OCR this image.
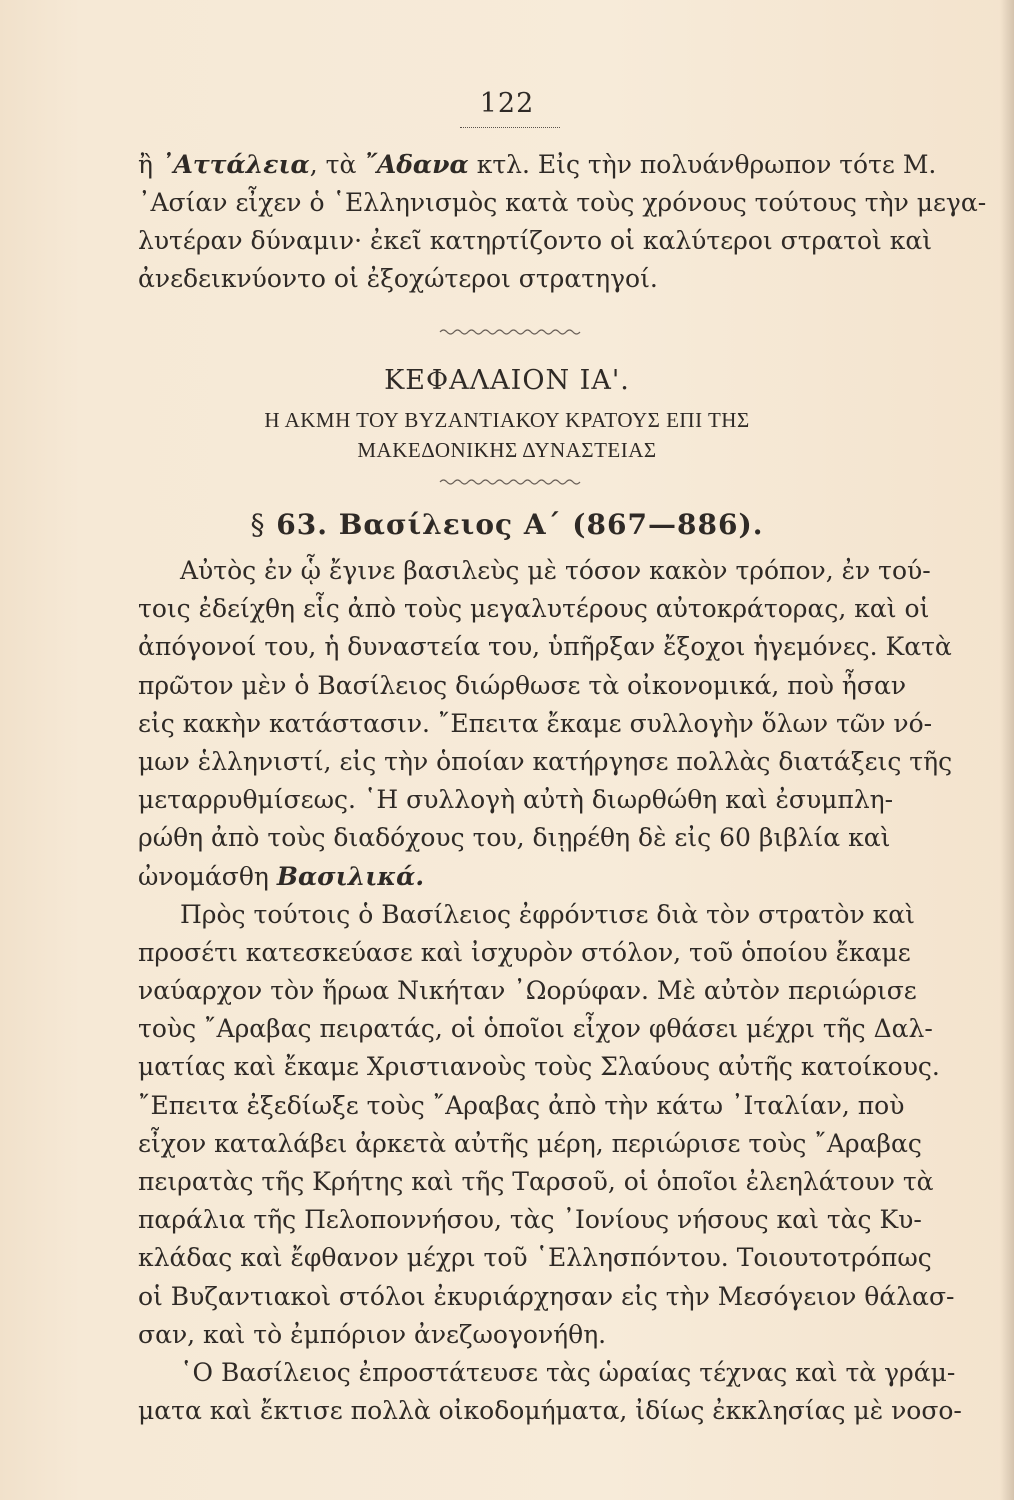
122
ἢ ᾽Αττάλεια, τὰ ῎Αδανα κτλ. Εἰς τὴν πολυάνθρωπον τότε Μ.
᾽Ασίαν εἶχεν ὁ ῾Ελληνισμὸς κατὰ τοὺς χρόνους τούτους τὴν μεγα-
λυτέραν δύναμιν· ἐκεῖ κατηρτίζοντο οἱ καλύτεροι στρατοὶ καὶ
ἀνεδεικνύοντο οἱ ἐξοχώτεροι στρατηγοί.
ΚΕΦΑΛΑΙΟΝ ΙΑ'.
Η ΑΚΜΗ ΤΟΥ ΒΥΖΑΝΤΙΑΚΟΥ ΚΡΑΤΟΥΣ ΕΠΙ ΤΗΣ
ΜΑΚΕΔΟΝΙΚΗΣ ΔΥΝΑΣΤΕΙΑΣ
§ 63. Βασίλειος Α΄ (867—886).
Αὐτὸς ἐν ᾧ ἔγινε βασιλεὺς μὲ τόσον κακὸν τρόπον, ἐν τού-
τοις ἐδείχθη εἷς ἀπὸ τοὺς μεγαλυτέρους αὐτοκράτορας, καὶ οἱ
ἀπόγονοί του, ἡ δυναστεία του, ὑπῆρξαν ἔξοχοι ἡγεμόνες. Κατὰ
πρῶτον μὲν ὁ Βασίλειος διώρθωσε τὰ οἰκονομικά, ποὺ ἦσαν
εἰς κακὴν κατάστασιν. ῎Επειτα ἔκαμε συλλογὴν ὅλων τῶν νό-
μων ἑλληνιστί, εἰς τὴν ὁποίαν κατήργησε πολλὰς διατάξεις τῆς
μεταρρυθμίσεως. ῾Η συλλογὴ αὐτὴ διωρθώθη καὶ ἐσυμπλη-
ρώθη ἀπὸ τοὺς διαδόχους του, διῃρέθη δὲ εἰς 60 βιβλία καὶ
ὠνομάσθη Βασιλικά.
Πρὸς τούτοις ὁ Βασίλειος ἐφρόντισε διὰ τὸν στρατὸν καὶ
προσέτι κατεσκεύασε καὶ ἰσχυρὸν στόλον, τοῦ ὁποίου ἔκαμε
ναύαρχον τὸν ἥρωα Νικήταν ᾽Ωορύφαν. Μὲ αὐτὸν περιώρισε
τοὺς ῎Αραβας πειρατάς, οἱ ὁποῖοι εἶχον φθάσει μέχρι τῆς Δαλ-
ματίας καὶ ἔκαμε Χριστιανοὺς τοὺς Σλαύους αὐτῆς κατοίκους.
῎Επειτα ἐξεδίωξε τοὺς ῎Αραβας ἀπὸ τὴν κάτω ᾽Ιταλίαν, ποὺ
εἶχον καταλάβει ἀρκετὰ αὐτῆς μέρη, περιώρισε τοὺς ῎Αραβας
πειρατὰς τῆς Κρήτης καὶ τῆς Ταρσοῦ, οἱ ὁποῖοι ἐλεηλάτουν τὰ
παράλια τῆς Πελοποννήσου, τὰς ᾽Ιονίους νήσους καὶ τὰς Κυ-
κλάδας καὶ ἔφθανον μέχρι τοῦ ῾Ελλησπόντου. Τοιουτοτρόπως
οἱ Βυζαντιακοὶ στόλοι ἐκυριάρχησαν εἰς τὴν Μεσόγειον θάλασ-
σαν, καὶ τὸ ἐμπόριον ἀνεζωογονήθη.
῾Ο Βασίλειος ἐπροστάτευσε τὰς ὡραίας τέχνας καὶ τὰ γράμ-
ματα καὶ ἔκτισε πολλὰ οἰκοδομήματα, ἰδίως ἐκκλησίας μὲ νοσο-
